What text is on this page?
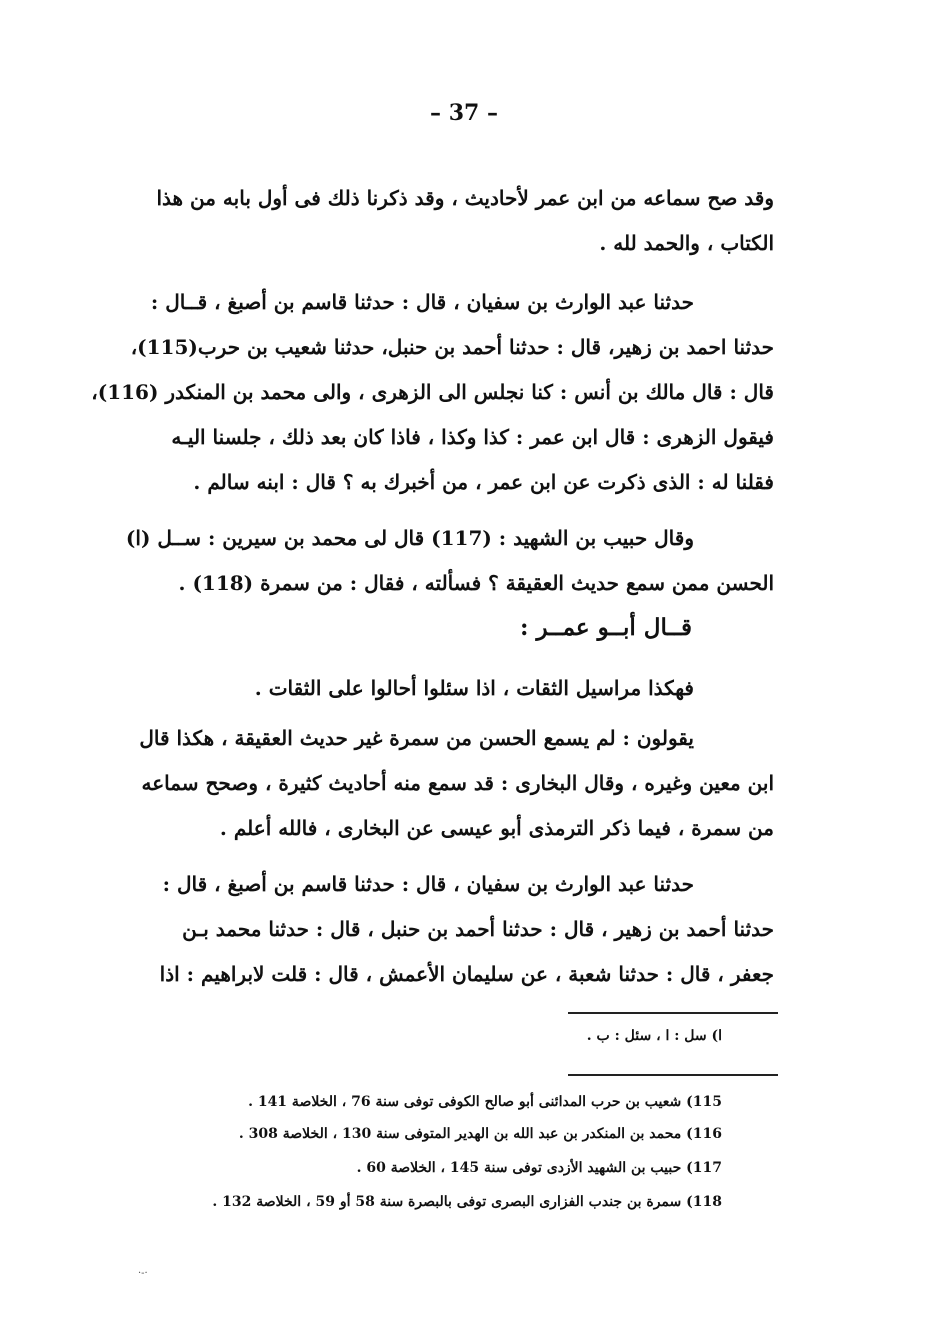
– 37 –
وقد صح سماعه من ابن عمر لأحاديث ، وقد ذكرنا ذلك فى أول بابه من هذا
الكتاب ، والحمد لله .
حدثنا عبد الوارث بن سفيان ، قال : حدثنا قاسم بن أصبغ ، قــال :
حدثنا احمد بن زهير، قال : حدثنا أحمد بن حنبل، حدثنا شعيب بن حرب(115)،
قال : قال مالك بن أنس : كنا نجلس الى الزهرى ، والى محمد بن المنكدر (116)،
فيقول الزهرى : قال ابن عمر : كذا وكذا ، فاذا كان بعد ذلك ، جلسنا اليـه
فقلنا له : الذى ذكرت عن ابن عمر ، من أخبرك به ؟ قال : ابنه سالم .
وقال حبيب بن الشهيد : (117) قال لى محمد بن سيرين : ســل (ا)
الحسن ممن سمع حديث العقيقة ؟ فسألته ، فقال : من سمرة (118) .
قــال أبــو عمــر :
فهكذا مراسيل الثقات ، اذا سئلوا أحالوا على الثقات .
يقولون : لم يسمع الحسن من سمرة غير حديث العقيقة ، هكذا قال
ابن معين وغيره ، وقال البخارى : قد سمع منه أحاديث كثيرة ، وصحح سماعه
من سمرة ، فيما ذكر الترمذى أبو عيسى عن البخارى ، فالله أعلم .
حدثنا عبد الوارث بن سفيان ، قال : حدثنا قاسم بن أصبغ ، قال :
حدثنا أحمد بن زهير ، قال : حدثنا أحمد بن حنبل ، قال : حدثنا محمد بـن
جعفر ، قال : حدثنا شعبة ، عن سليمان الأعمش ، قال : قلت لابراهيم : اذا
ا) سل : ا ، سئل : ب .
115) شعيب بن حرب المدائنى أبو صالح الكوفى توفى سنة 76 ، الخلاصة 141 .
116) محمد بن المنكدر بن عبد الله بن الهدير المتوفى سنة 130 ، الخلاصة 308 .
117) حبيب بن الشهيد الأزدى توفى سنة 145 ، الخلاصة 60 .
118) سمرة بن جندب الفزارى البصرى توفى بالبصرة سنة 58 أو 59 ، الخلاصة 132 .
·-·
